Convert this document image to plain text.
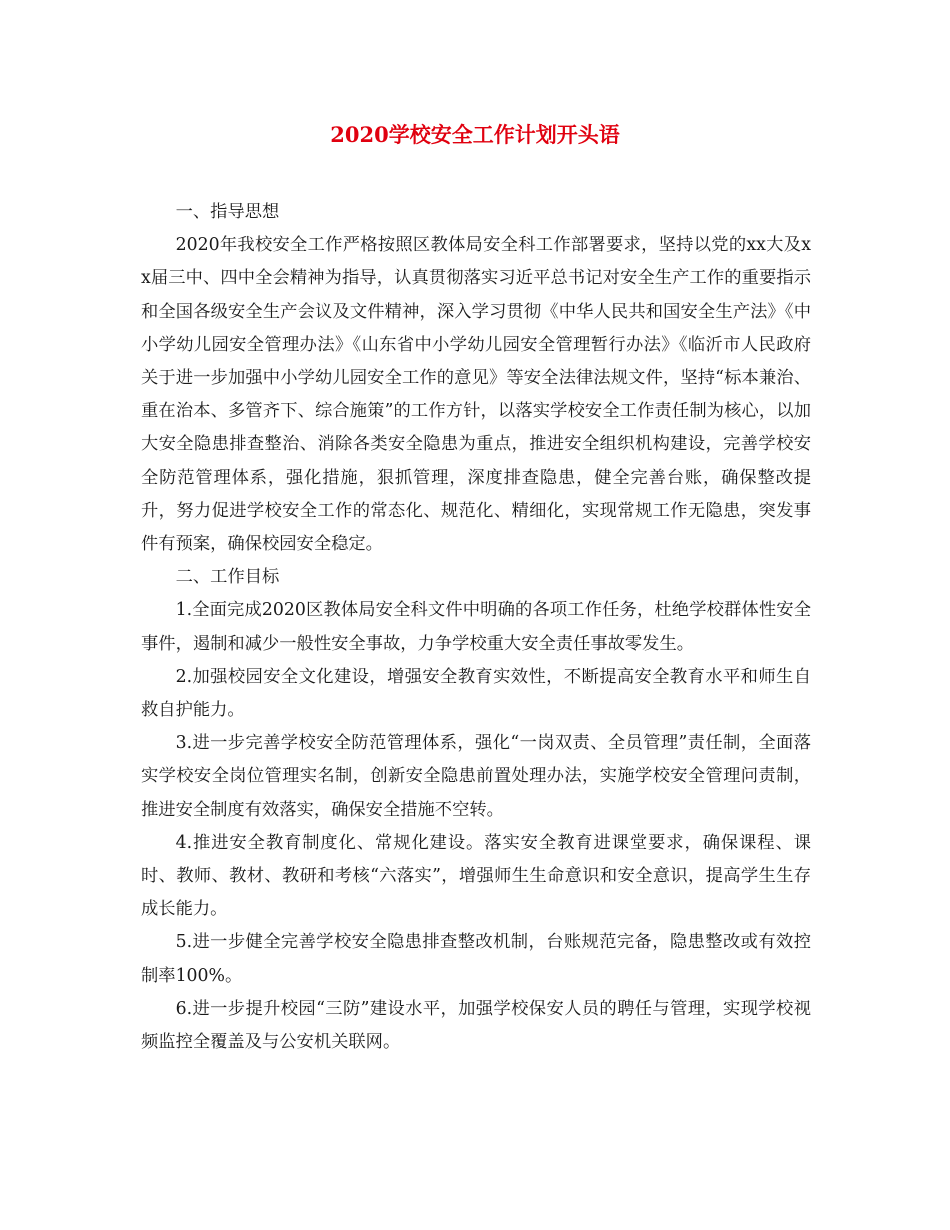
2020学校安全工作计划开头语

一、指导思想

2020年我校安全工作严格按照区教体局安全科工作部署要求，坚持以党的xx大及xx届三中、四中全会精神为指导，认真贯彻落实习近平总书记对安全生产工作的重要指示和全国各级安全生产会议及文件精神，深入学习贯彻《中华人民共和国安全生产法》《中小学幼儿园安全管理办法》《山东省中小学幼儿园安全管理暂行办法》《临沂市人民政府关于进一步加强中小学幼儿园安全工作的意见》等安全法律法规文件，坚持“标本兼治、重在治本、多管齐下、综合施策”的工作方针，以落实学校安全工作责任制为核心，以加大安全隐患排查整治、消除各类安全隐患为重点，推进安全组织机构建设，完善学校安全防范管理体系，强化措施，狠抓管理，深度排查隐患，健全完善台账，确保整改提升，努力促进学校安全工作的常态化、规范化、精细化，实现常规工作无隐患，突发事件有预案，确保校园安全稳定。

二、工作目标

1.全面完成2020区教体局安全科文件中明确的各项工作任务，杜绝学校群体性安全事件，遏制和减少一般性安全事故，力争学校重大安全责任事故零发生。

2.加强校园安全文化建设，增强安全教育实效性，不断提高安全教育水平和师生自救自护能力。

3.进一步完善学校安全防范管理体系，强化“一岗双责、全员管理”责任制，全面落实学校安全岗位管理实名制，创新安全隐患前置处理办法，实施学校安全管理问责制，推进安全制度有效落实，确保安全措施不空转。

4.推进安全教育制度化、常规化建设。落实安全教育进课堂要求，确保课程、课时、教师、教材、教研和考核“六落实”，增强师生生命意识和安全意识，提高学生生存成长能力。

5.进一步健全完善学校安全隐患排查整改机制，台账规范完备，隐患整改或有效控制率100%。

6.进一步提升校园“三防”建设水平，加强学校保安人员的聘任与管理，实现学校视频监控全覆盖及与公安机关联网。
